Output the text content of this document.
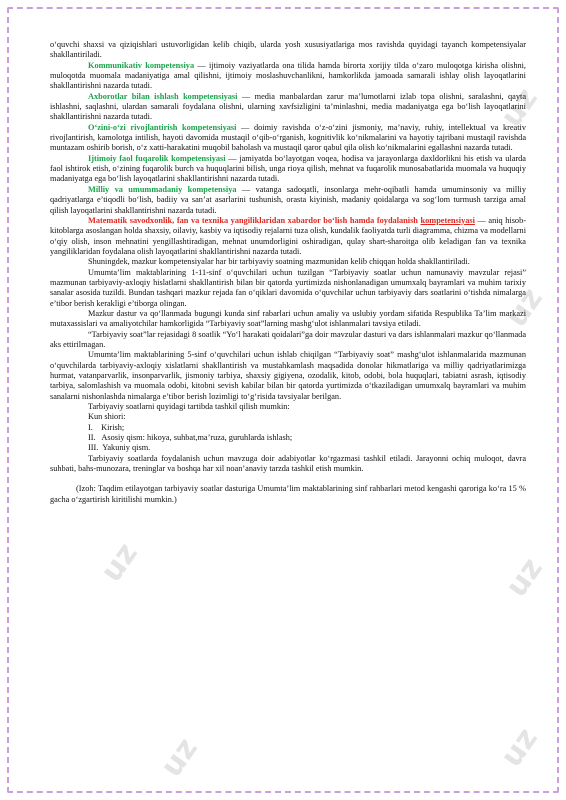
uz
uz
uz	uz
uz	uz

o‘quvchi shaxsi va qiziqishlari ustuvorligidan kelib chiqib, ularda yosh xususiyatlariga mos ravishda quyidagi tayanch kompetensiyalar shakllantiriladi.

Kommunikativ kompetensiya — ijtimoiy vaziyatlarda ona tilida hamda birorta xorijiy tilda o‘zaro muloqotga kirisha olishni, muloqotda muomala madaniyatiga amal qilishni, ijtimoiy moslashuvchanlikni, hamkorlikda jamoada samarali ishlay olish layoqatlarini shakllantirishni nazarda tutadi.

Axborotlar bilan ishlash kompetensiyasi — media manbalardan zarur ma’lumotlarni izlab topa olishni, saralashni, qayta ishlashni, saqlashni, ulardan samarali foydalana olishni, ularning xavfsizligini ta’minlashni, media madaniyatga ega bo‘lish layoqatlarini shakllantirishni nazarda tutadi.

O‘zini-o‘zi rivojlantirish kompetensiyasi — doimiy ravishda o‘z-o‘zini jismoniy, ma’naviy, ruhiy, intellektual va kreativ rivojlantirish, kamolotga intilish, hayoti davomida mustaqil o‘qib-o‘rganish, kognitivlik ko‘nikmalarini va hayotiy tajribani mustaqil ravishda muntazam oshirib borish, o‘z xatti-harakatini muqobil baholash va mustaqil qaror qabul qila olish ko‘nikmalarini egallashni nazarda tutadi.

Ijtimoiy faol fuqarolik kompetensiyasi — jamiyatda bo‘layotgan voqea, hodisa va jarayonlarga daxldorlikni his etish va ularda faol ishtirok etish, o‘zining fuqarolik burch va huquqlarini bilish, unga rioya qilish, mehnat va fuqarolik munosabatlarida muomala va huquqiy madaniyatga ega bo‘lish layoqatlarini shakllantirishni nazarda tutadi.

Milliy va umummadaniy kompetensiya — vatanga sadoqatli, insonlarga mehr-oqibatli hamda umuminsoniy va milliy qadriyatlarga e’tiqodli bo‘lish, badiiy va san’at asarlarini tushunish, orasta kiyinish, madaniy qoidalarga va sog‘lom turmush tarziga amal qilish layoqatlarini shakllantirishni nazarda tutadi.

Matematik savodxonlik, fan va texnika yangiliklaridan xabardor bo‘lish hamda foydalanish kompetensiyasi — aniq hisob-kitoblarga asoslangan holda shaxsiy, oilaviy, kasbiy va iqtisodiy rejalarni tuza olish, kundalik faoliyatda turli diagramma, chizma va modellarni o‘qiy olish, inson mehnatini yengillashtiradigan, mehnat unumdorligini oshiradigan, qulay shart-sharoitga olib keladigan fan va texnika yangiliklaridan foydalana olish layoqatlarini shakllantirishni nazarda tutadi.

Shuningdek, mazkur kompetensiyalar har bir tarbiyaviy soatning mazmunidan kelib chiqqan holda shakllantiriladi.

Umumta’lim maktablarining 1-11-sinf o‘quvchilari uchun tuzilgan “Tarbiyaviy soatlar uchun namunaviy mavzular rejasi” mazmunan tarbiyaviy-axloqiy hislatlarni shakllantirish bilan bir qatorda yurtimizda nishonlanadigan umumxalq bayramlari va muhim tarixiy sanalar asosida tuzildi. Bundan tashqari mazkur rejada fan o‘qiklari davomida o‘quvchilar uchun tarbiyaviy dars soatlarini o‘tishda nimalarga e’tibor berish kerakligi e’tiborga olingan.

Mazkur dastur va qo‘llanmada bugungi kunda sinf rabarlari uchun amaliy va uslubiy yordam sifatida Respublika Ta’lim markazi mutaxassislari va amaliyotchilar hamkorligida “Tarbiyaviy soat”larning mashg‘ulot ishlanmalari tavsiya etiladi.

“Tarbiyaviy soat”lar rejasidagi 8 soatlik “Yo‘l harakati qoidalari”ga doir mavzular dasturi va dars ishlanmalari mazkur qo‘llanmada aks ettirilmagan.

Umumta’lim maktablarining 5-sinf o‘quvchilari uchun ishlab chiqilgan “Tarbiyaviy soat” mashg‘ulot ishlanmalarida mazmunan o‘quvchilarda tarbiyaviy-axloqiy xislatlarni shakllantirish va mustahkamlash maqsadida donolar hikmatlariga va milliy qadriyatlarimizga hurmat, vatanparvarlik, insonparvarlik, jismoniy tarbiya, shaxsiy gigiyena, ozodalik, kitob, odobi, bola huquqlari, tabiatni asrash, iqtisodiy tarbiya, salomlashish va muomala odobi, kitobni sevish kabilar bilan bir qatorda yurtimizda o‘tkaziladigan umumxalq bayramlari va muhim sanalarni nishonlashda nimalarga e’tibor berish lozimligi to‘g‘risida tavsiyalar berilgan.

Tarbiyaviy soatlarni quyidagi tartibda tashkil qilish mumkin:

Kun shiori:

I.    Kirish;

II.   Asosiy qism: hikoya, suhbat,ma’ruza, guruhlarda ishlash;

III.  Yakuniy qism.

Tarbiyaviy soatlarda foydalanish uchun mavzuga doir adabiyotlar ko‘rgazmasi tashkil etiladi. Jarayonni ochiq muloqot, davra suhbati, bahs-munozara, treninglar va boshqa har xil noan’anaviy tarzda tashkil etish mumkin.

(Izoh: Taqdim etilayotgan tarbiyaviy soatlar dasturiga Umumta’lim maktablarining sinf rahbarlari metod kengashi qaroriga ko‘ra 15 % gacha o‘zgartirish kiritilishi mumkin.)
